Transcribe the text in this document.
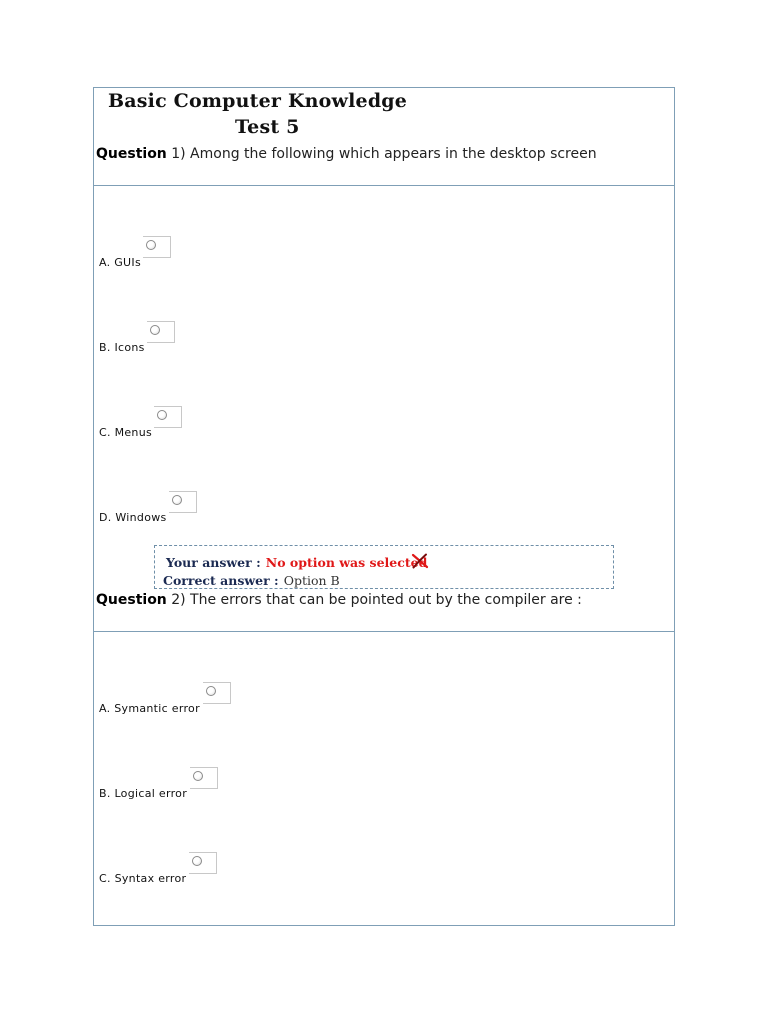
Basic Computer Knowledge
Test 5
Question 1) Among the following which appears in the desktop screen
A. GUIs
B. Icons
C. Menus
D. Windows
Your answer : No option was selected
Correct answer : Option B
Question 2) The errors that can be pointed out by the compiler are :
A. Symantic error
B. Logical error
C. Syntax error
